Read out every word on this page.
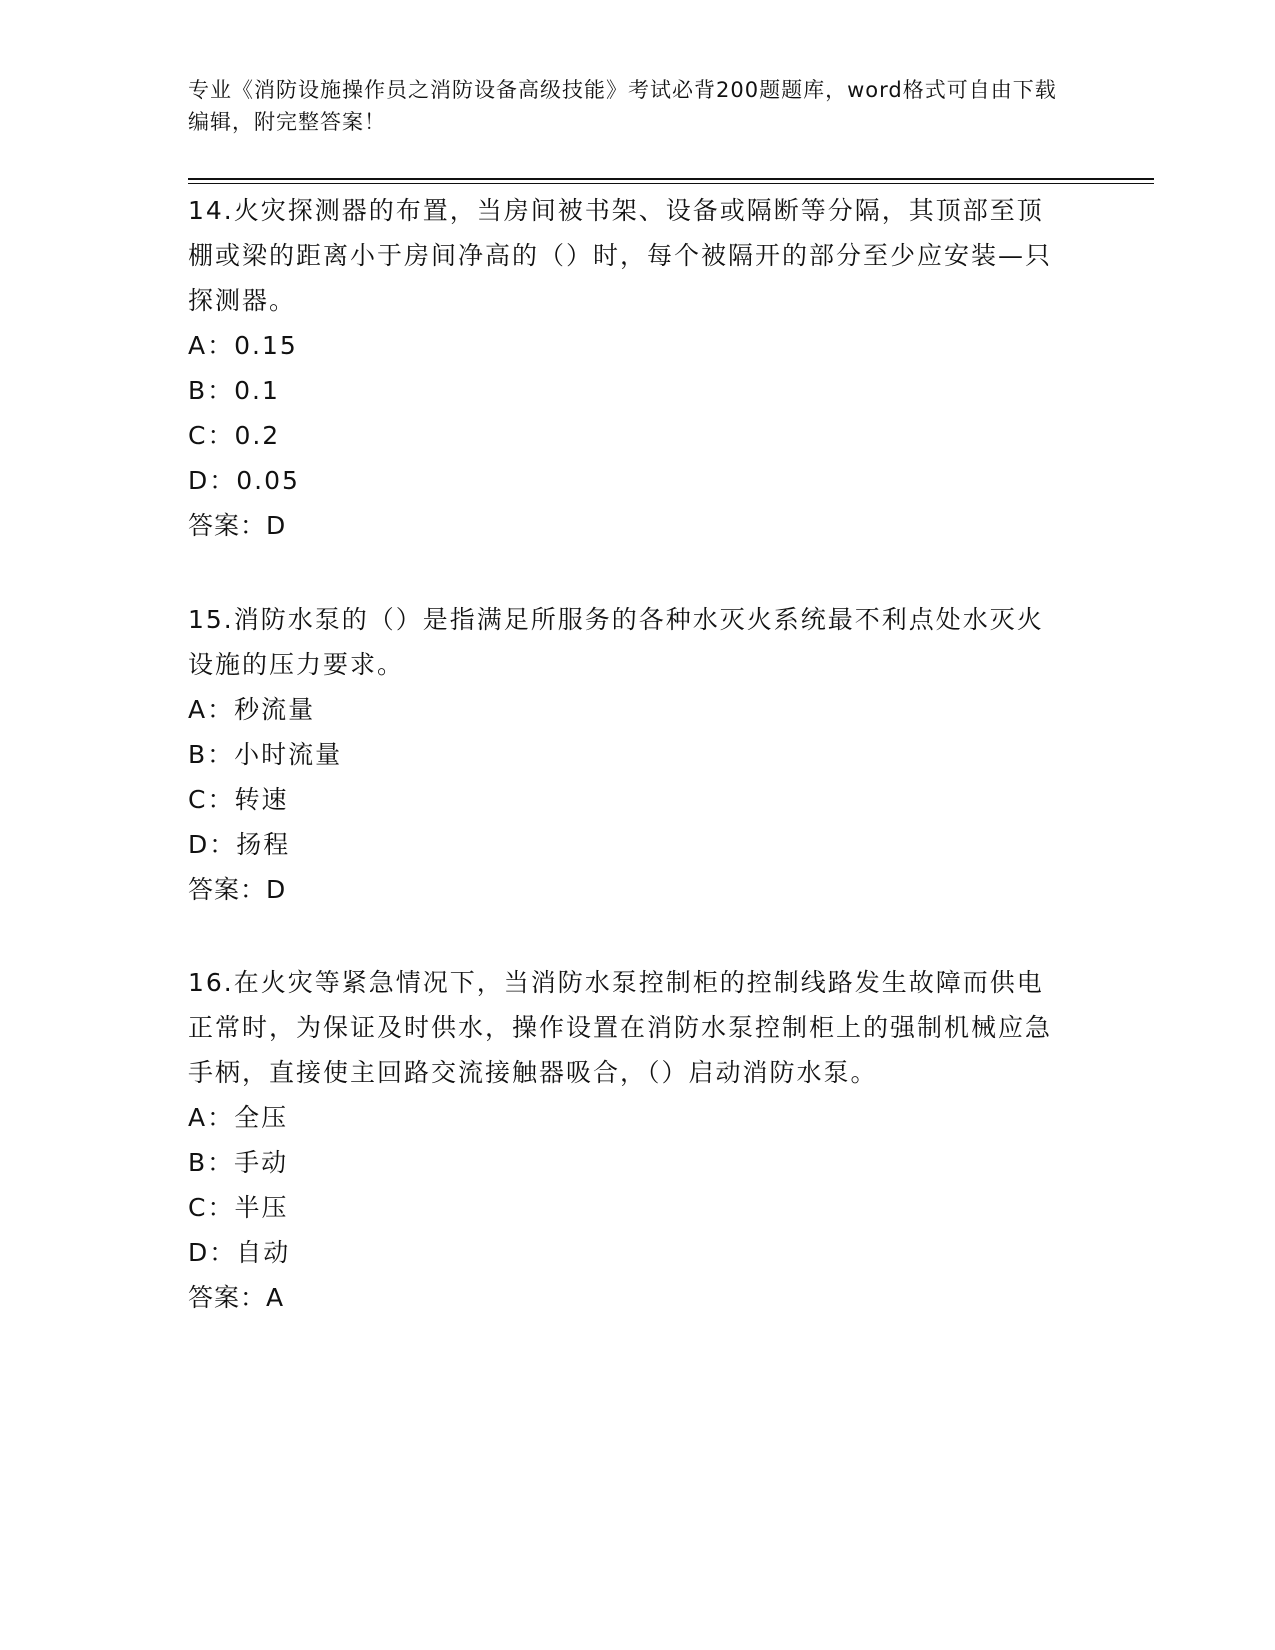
专业《消防设施操作员之消防设备高级技能》考试必背200题题库，word格式可自由下载编辑，附完整答案！

14.火灾探测器的布置，当房间被书架、设备或隔断等分隔，其顶部至顶棚或梁的距离小于房间净高的（）时，每个被隔开的部分至少应安装—只探测器。

A：0.15

B：0.1

C：0.2

D：0.05

答案：D

15.消防水泵的（）是指满足所服务的各种水灭火系统最不利点处水灭火设施的压力要求。

A：秒流量

B：小时流量

C：转速

D：扬程

答案：D

16.在火灾等紧急情况下，当消防水泵控制柜的控制线路发生故障而供电正常时，为保证及时供水，操作设置在消防水泵控制柜上的强制机械应急手柄，直接使主回路交流接触器吸合，（）启动消防水泵。

A：全压

B：手动

C：半压

D：自动

答案：A
